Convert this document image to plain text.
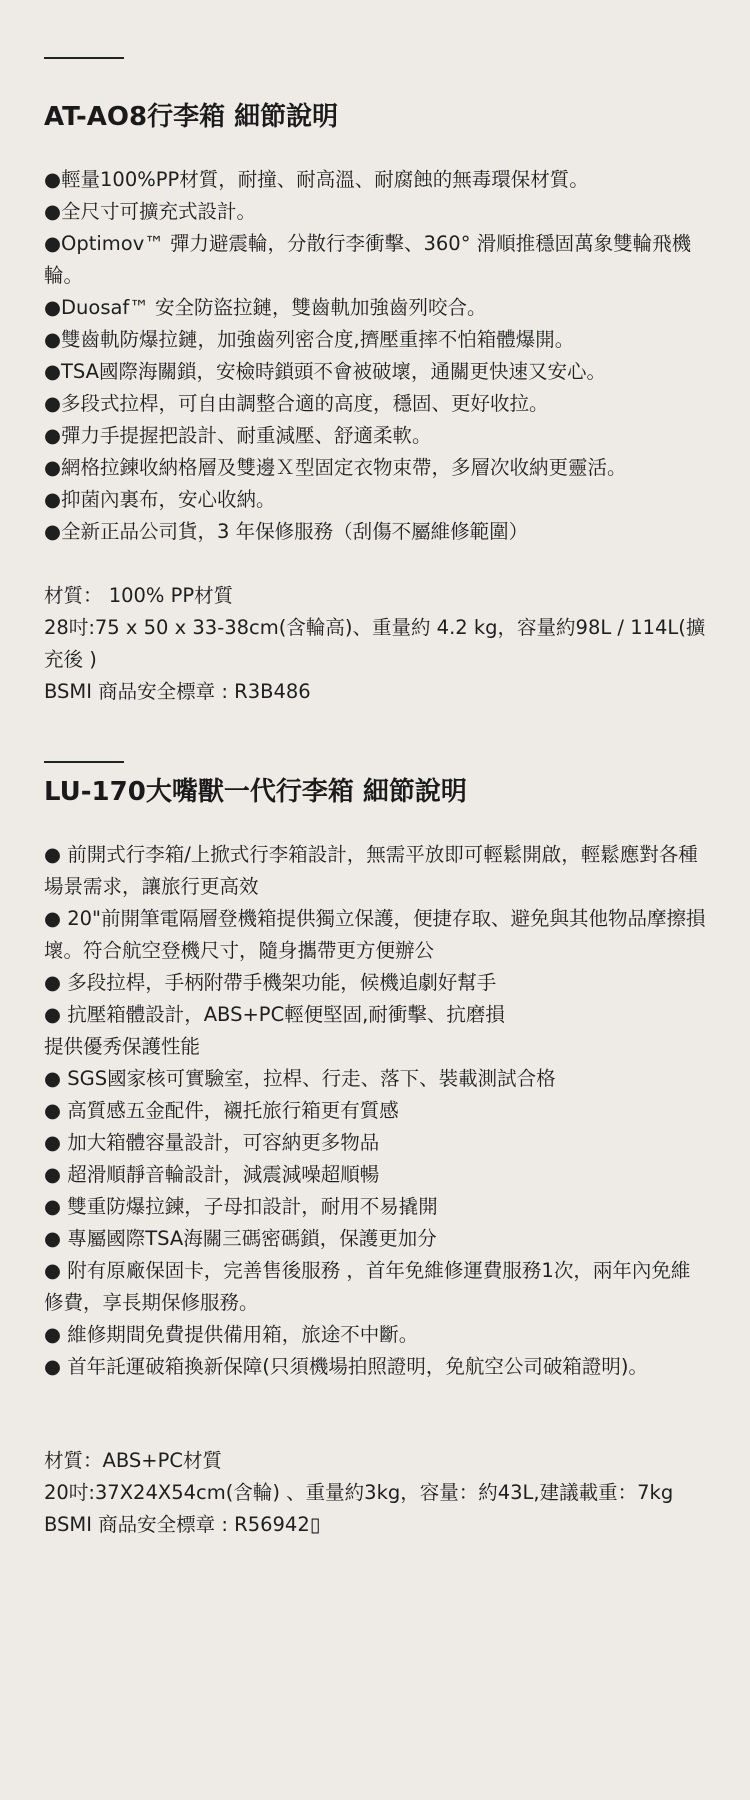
AT-AO8行李箱 細節說明
●輕量100%PP材質，耐撞、耐高溫、耐腐蝕的無毒環保材質。
●全尺寸可擴充式設計。
●Optimov™ 彈力避震輪，分散行李衝擊、360° 滑順推穩固萬象雙輪飛機輪。
●Duosaf™ 安全防盜拉鏈，雙齒軌加強齒列咬合。
●雙齒軌防爆拉鏈，加強齒列密合度,擠壓重摔不怕箱體爆開。
●TSA國際海關鎖，安檢時鎖頭不會被破壞，通關更快速又安心。
●多段式拉桿，可自由調整合適的高度，穩固、更好收拉。
●彈力手提握把設計、耐重減壓、舒適柔軟。
●網格拉鍊收納格層及雙邊Ｘ型固定衣物束帶，多層次收納更靈活。
●抑菌內裏布，安心收納。
●全新正品公司貨，3 年保修服務（刮傷不屬維修範圍）

材質： 100% PP材質

28吋:75 x 50 x 33-38cm(含輪高)、重量約 4.2 kg，容量約98L / 114L(擴充後 )

BSMI 商品安全標章 : R3B486

LU-170大嘴獸一代行李箱 細節說明
● 前開式行李箱/上掀式行李箱設計，無需平放即可輕鬆開啟，輕鬆應對各種場景需求，讓旅行更高效
● 20"前開筆電隔層登機箱提供獨立保護，便捷存取、避免與其他物品摩擦損壞。符合航空登機尺寸，隨身攜帶更方便辦公
● 多段拉桿，手柄附帶手機架功能，候機追劇好幫手
● 抗壓箱體設計，ABS+PC輕便堅固,耐衝擊、抗磨損
提供優秀保護性能
● SGS國家核可實驗室，拉桿、行走、落下、裝載測試合格
● 高質感五金配件，襯托旅行箱更有質感
● 加大箱體容量設計，可容納更多物品
● 超滑順靜音輪設計，減震減噪超順暢
● 雙重防爆拉鍊，子母扣設計，耐用不易撬開
● 專屬國際TSA海關三碼密碼鎖，保護更加分
● 附有原廠保固卡，完善售後服務 ，首年免維修運費服務1次，兩年內免維修費，享長期保修服務。
● 維修期間免費提供備用箱，旅途不中斷。
● 首年託運破箱換新保障(只須機場拍照證明，免航空公司破箱證明)。

材質：ABS+PC材質

20吋:37X24X54cm(含輪) 、重量約3kg，容量：約43L,建議載重：7kg

BSMI 商品安全標章 : R56942▯
